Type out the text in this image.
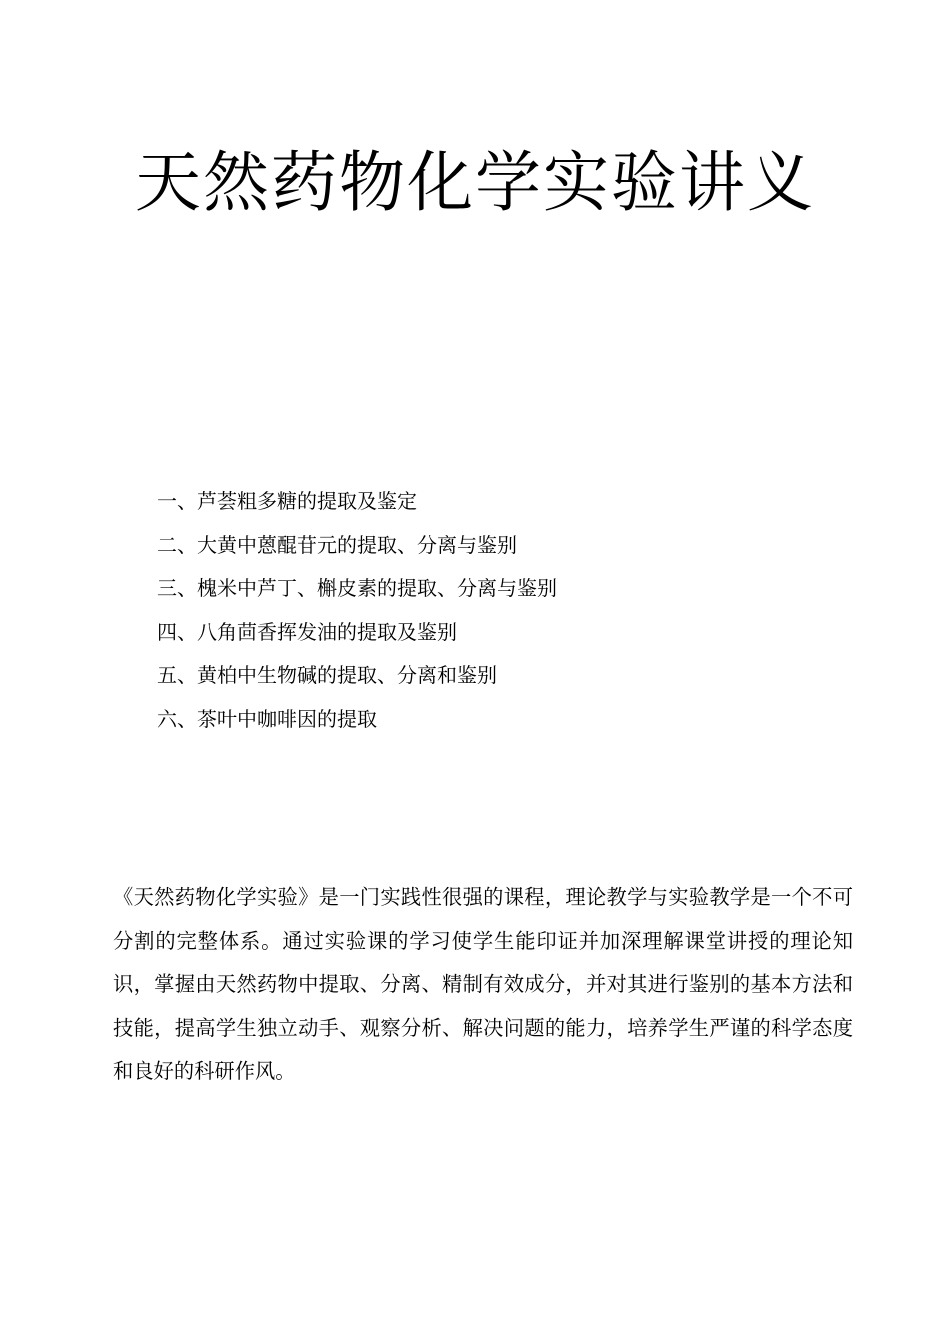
天然药物化学实验讲义
一、芦荟粗多糖的提取及鉴定
二、大黄中蒽醌苷元的提取、分离与鉴别
三、槐米中芦丁、槲皮素的提取、分离与鉴别
四、八角茴香挥发油的提取及鉴别
五、黄柏中生物碱的提取、分离和鉴别
六、茶叶中咖啡因的提取

《天然药物化学实验》是一门实践性很强的课程，理论教学与实验教学是一个不可分割的完整体系。通过实验课的学习使学生能印证并加深理解课堂讲授的理论知识，掌握由天然药物中提取、分离、精制有效成分，并对其进行鉴别的基本方法和技能，提高学生独立动手、观察分析、解决问题的能力，培养学生严谨的科学态度和良好的科研作风。
